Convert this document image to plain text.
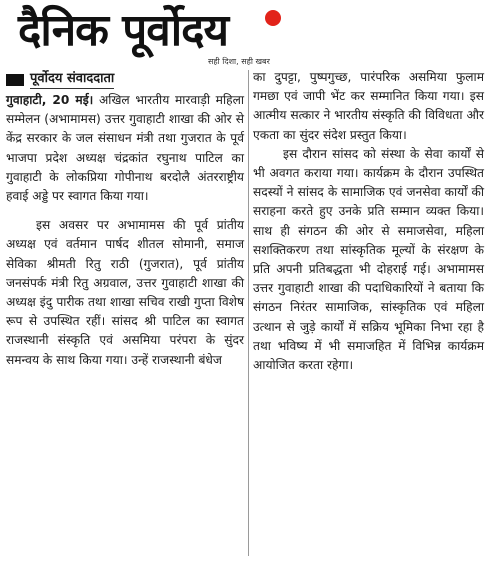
दैनिक पूर्वोदय
सही दिशा, सही खबर
पूर्वोदय संवाददाता

गुवाहाटी, 20 मई। अखिल भारतीय मारवाड़ी महिला सम्मेलन (अभामामस) उत्तर गुवाहाटी शाखा की ओर से केंद्र सरकार के जल संसाधन मंत्री तथा गुजरात के पूर्व भाजपा प्रदेश अध्यक्ष चंद्रकांत रघुनाथ पाटिल का गुवाहाटी के लोकप्रिया गोपीनाथ बरदोलै अंतरराष्ट्रीय हवाई अड्डे पर स्वागत किया गया।

इस अवसर पर अभामामस की पूर्व प्रांतीय अध्यक्ष एवं वर्तमान पार्षद शीतल सोमानी, समाज सेविका श्रीमती रितु राठी (गुजरात), पूर्व प्रांतीय जनसंपर्क मंत्री रितु अग्रवाल, उत्तर गुवाहाटी शाखा की अध्यक्ष इंदु पारीक तथा शाखा सचिव राखी गुप्ता विशेष रूप से उपस्थित रहीं। सांसद श्री पाटिल का स्वागत राजस्थानी संस्कृति एवं असमिया परंपरा के सुंदर समन्वय के साथ किया गया। उन्हें राजस्थानी बंधेज

का दुपट्टा, पुष्पगुच्छ, पारंपरिक असमिया फुलाम गमछा एवं जापी भेंट कर सम्मानित किया गया। इस आत्मीय सत्कार ने भारतीय संस्कृति की विविधता और एकता का सुंदर संदेश प्रस्तुत किया।

इस दौरान सांसद को संस्था के सेवा कार्यों से भी अवगत कराया गया। कार्यक्रम के दौरान उपस्थित सदस्यों ने सांसद के सामाजिक एवं जनसेवा कार्यों की सराहना करते हुए उनके प्रति सम्मान व्यक्त किया। साथ ही संगठन की ओर से समाजसेवा, महिला सशक्तिकरण तथा सांस्कृतिक मूल्यों के संरक्षण के प्रति अपनी प्रतिबद्धता भी दोहराई गई। अभामामस उत्तर गुवाहाटी शाखा की पदाधिकारियों ने बताया कि संगठन निरंतर सामाजिक, सांस्कृतिक एवं महिला उत्थान से जुड़े कार्यों में सक्रिय भूमिका निभा रहा है तथा भविष्य में भी समाजहित में विभिन्न कार्यक्रम आयोजित करता रहेगा।
